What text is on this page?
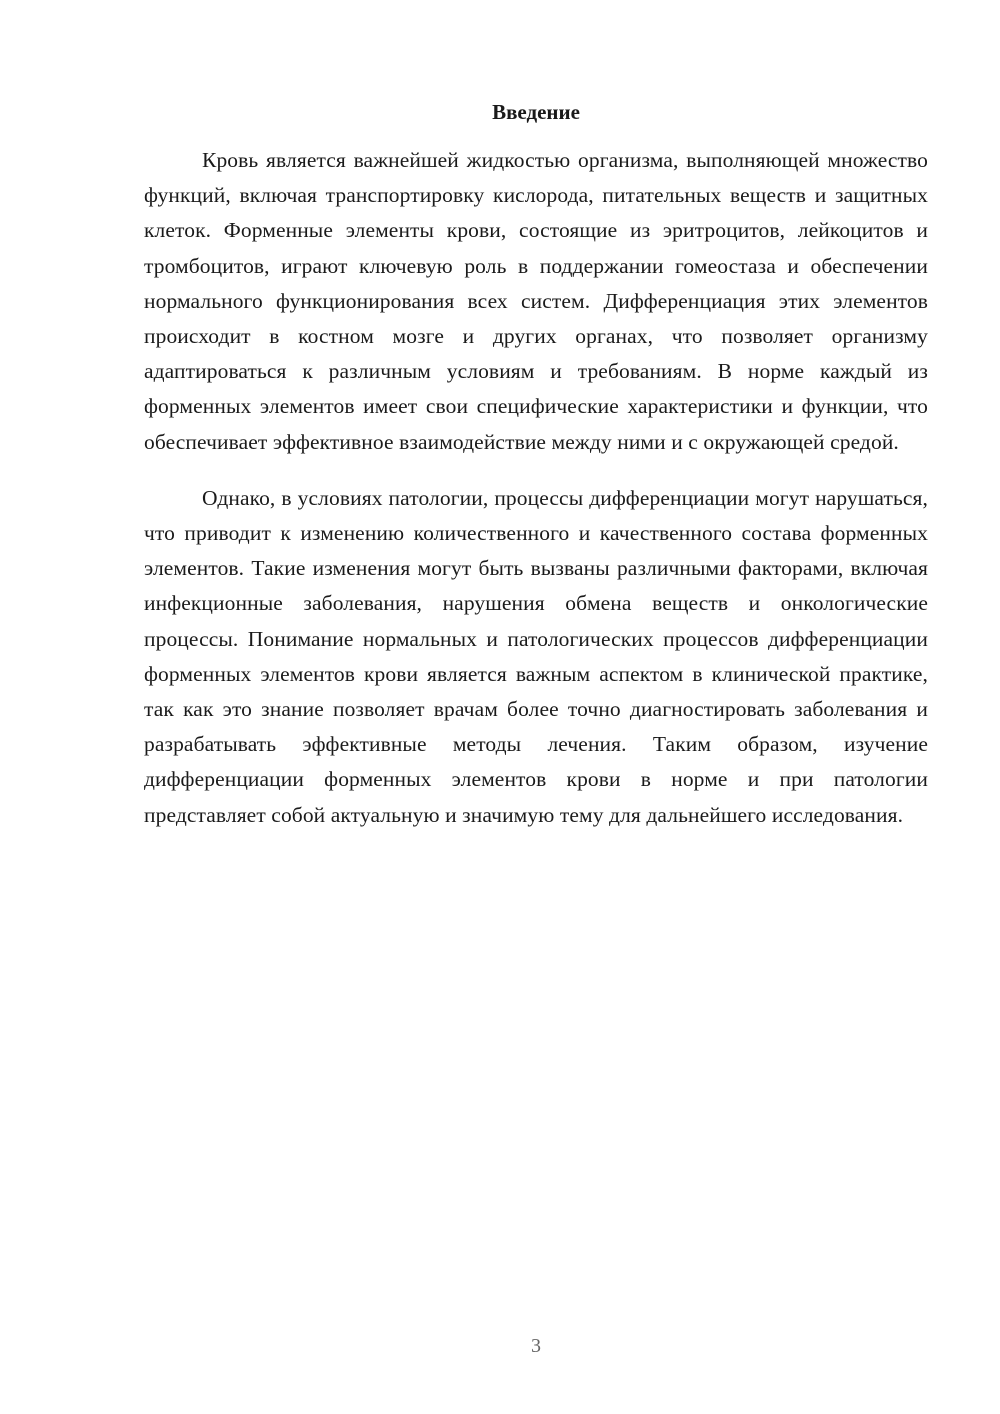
Введение

Кровь является важнейшей жидкостью организма, выполняющей множество функций, включая транспортировку кислорода, питательных веществ и защитных клеток. Форменные элементы крови, состоящие из эритроцитов, лейкоцитов и тромбоцитов, играют ключевую роль в поддержании гомеостаза и обеспечении нормального функционирования всех систем. Дифференциация этих элементов происходит в костном мозге и других органах, что позволяет организму адаптироваться к различным условиям и требованиям. В норме каждый из форменных элементов имеет свои специфические характеристики и функции, что обеспечивает эффективное взаимодействие между ними и с окружающей средой.

Однако, в условиях патологии, процессы дифференциации могут нарушаться, что приводит к изменению количественного и качественного состава форменных элементов. Такие изменения могут быть вызваны различными факторами, включая инфекционные заболевания, нарушения обмена веществ и онкологические процессы. Понимание нормальных и патологических процессов дифференциации форменных элементов крови является важным аспектом в клинической практике, так как это знание позволяет врачам более точно диагностировать заболевания и разрабатывать эффективные методы лечения. Таким образом, изучение дифференциации форменных элементов крови в норме и при патологии представляет собой актуальную и значимую тему для дальнейшего исследования.

3
